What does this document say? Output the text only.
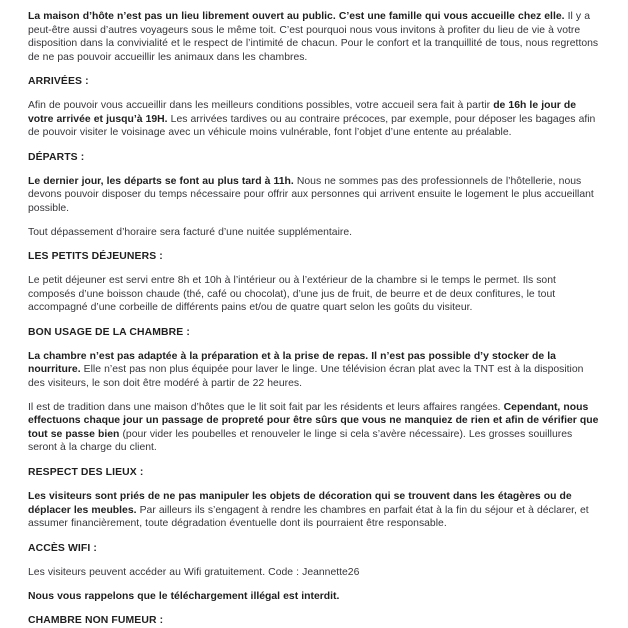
La maison d’hôte n’est pas un lieu librement ouvert au public. C’est une famille qui vous accueille chez elle. Il y a peut-être aussi d’autres voyageurs sous le même toit. C’est pourquoi nous vous invitons à profiter du lieu de vie à votre disposition dans la convivialité et le respect de l’intimité de chacun. Pour le confort et la tranquillité de tous, nous regrettons de ne pas pouvoir accueillir les animaux dans les chambres.

ARRIVÉES :

Afin de pouvoir vous accueillir dans les meilleurs conditions possibles, votre accueil sera fait à partir de 16h le jour de votre arrivée et jusqu’à 19H. Les arrivées tardives ou au contraire précoces, par exemple, pour déposer les bagages afin de pouvoir visiter le voisinage avec un véhicule moins vulnérable, font l’objet d’une entente au préalable.

DÉPARTS :

Le dernier jour, les départs se font au plus tard à 11h. Nous ne sommes pas des professionnels de l’hôtellerie, nous devons pouvoir disposer du temps nécessaire pour offrir aux personnes qui arrivent ensuite le logement le plus accueillant possible.

Tout dépassement d’horaire sera facturé d’une nuitée supplémentaire.

LES PETITS DÉJEUNERS :

Le petit déjeuner est servi entre 8h et 10h à l’intérieur ou à l’extérieur de la chambre si le temps le permet. Ils sont composés d’une boisson chaude (thé, café ou chocolat), d’une jus de fruit, de beurre et de deux confitures, le tout accompagné d’une corbeille de différents pains et/ou de quatre quart selon les goûts du visiteur.

BON USAGE DE LA CHAMBRE :

La chambre n’est pas adaptée à la préparation et à la prise de repas. Il n’est pas possible d’y stocker de la nourriture. Elle n’est pas non plus équipée pour laver le linge. Une télévision écran plat avec la TNT est à la disposition des visiteurs, le son doit être modéré à partir de 22 heures.

Il est de tradition dans une maison d’hôtes que le lit soit fait par les résidents et leurs affaires rangées. Cependant, nous effectuons chaque jour un passage de propreté pour être sûrs que vous ne manquiez de rien et afin de vérifier que tout se passe bien (pour vider les poubelles et renouveler le linge si cela s’avère nécessaire). Les grosses souillures seront à la charge du client.

RESPECT DES LIEUX :

Les visiteurs sont priés de ne pas manipuler les objets de décoration qui se trouvent dans les étagères ou de déplacer les meubles. Par ailleurs ils s’engagent à rendre les chambres en parfait état à la fin du séjour et à déclarer, et assumer financièrement, toute dégradation éventuelle dont ils pourraient être responsable.

ACCÈS WIFI :

Les visiteurs peuvent accéder au Wifi gratuitement. Code : Jeannette26

Nous vous rappelons que le téléchargement illégal est interdit.

CHAMBRE NON FUMEUR :
